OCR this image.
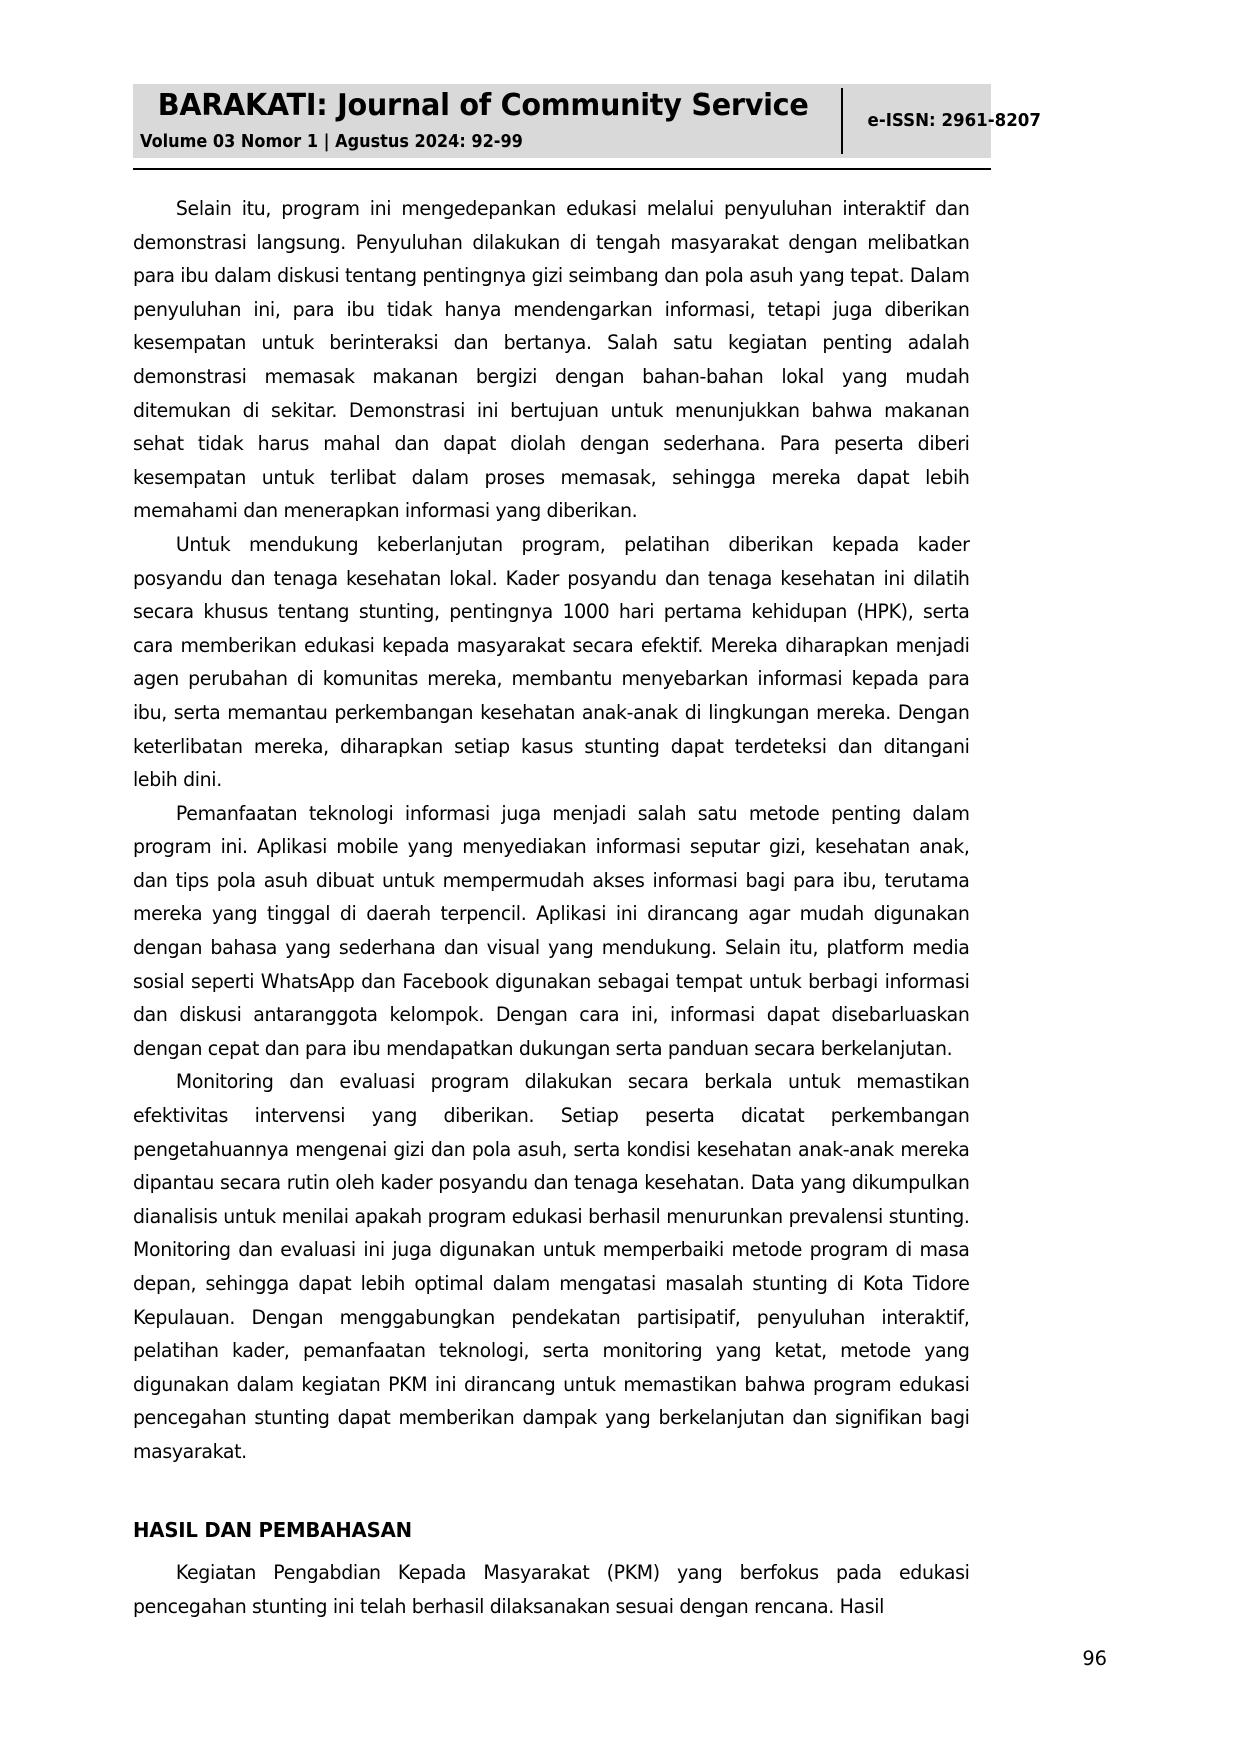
BARAKATI: Journal of Community Service
Volume 03 Nomor 1 | Agustus 2024: 92-99
e-ISSN: 2961-8207

Selain itu, program ini mengedepankan edukasi melalui penyuluhan interaktif dan demonstrasi langsung. Penyuluhan dilakukan di tengah masyarakat dengan melibatkan para ibu dalam diskusi tentang pentingnya gizi seimbang dan pola asuh yang tepat. Dalam penyuluhan ini, para ibu tidak hanya mendengarkan informasi, tetapi juga diberikan kesempatan untuk berinteraksi dan bertanya. Salah satu kegiatan penting adalah demonstrasi memasak makanan bergizi dengan bahan-bahan lokal yang mudah ditemukan di sekitar. Demonstrasi ini bertujuan untuk menunjukkan bahwa makanan sehat tidak harus mahal dan dapat diolah dengan sederhana. Para peserta diberi kesempatan untuk terlibat dalam proses memasak, sehingga mereka dapat lebih memahami dan menerapkan informasi yang diberikan.

Untuk mendukung keberlanjutan program, pelatihan diberikan kepada kader posyandu dan tenaga kesehatan lokal. Kader posyandu dan tenaga kesehatan ini dilatih secara khusus tentang stunting, pentingnya 1000 hari pertama kehidupan (HPK), serta cara memberikan edukasi kepada masyarakat secara efektif. Mereka diharapkan menjadi agen perubahan di komunitas mereka, membantu menyebarkan informasi kepada para ibu, serta memantau perkembangan kesehatan anak-anak di lingkungan mereka. Dengan keterlibatan mereka, diharapkan setiap kasus stunting dapat terdeteksi dan ditangani lebih dini.

Pemanfaatan teknologi informasi juga menjadi salah satu metode penting dalam program ini. Aplikasi mobile yang menyediakan informasi seputar gizi, kesehatan anak, dan tips pola asuh dibuat untuk mempermudah akses informasi bagi para ibu, terutama mereka yang tinggal di daerah terpencil. Aplikasi ini dirancang agar mudah digunakan dengan bahasa yang sederhana dan visual yang mendukung. Selain itu, platform media sosial seperti WhatsApp dan Facebook digunakan sebagai tempat untuk berbagi informasi dan diskusi antaranggota kelompok. Dengan cara ini, informasi dapat disebarluaskan dengan cepat dan para ibu mendapatkan dukungan serta panduan secara berkelanjutan.

Monitoring dan evaluasi program dilakukan secara berkala untuk memastikan efektivitas intervensi yang diberikan. Setiap peserta dicatat perkembangan pengetahuannya mengenai gizi dan pola asuh, serta kondisi kesehatan anak-anak mereka dipantau secara rutin oleh kader posyandu dan tenaga kesehatan. Data yang dikumpulkan dianalisis untuk menilai apakah program edukasi berhasil menurunkan prevalensi stunting. Monitoring dan evaluasi ini juga digunakan untuk memperbaiki metode program di masa depan, sehingga dapat lebih optimal dalam mengatasi masalah stunting di Kota Tidore Kepulauan. Dengan menggabungkan pendekatan partisipatif, penyuluhan interaktif, pelatihan kader, pemanfaatan teknologi, serta monitoring yang ketat, metode yang digunakan dalam kegiatan PKM ini dirancang untuk memastikan bahwa program edukasi pencegahan stunting dapat memberikan dampak yang berkelanjutan dan signifikan bagi masyarakat.

HASIL DAN PEMBAHASAN

Kegiatan Pengabdian Kepada Masyarakat (PKM) yang berfokus pada edukasi pencegahan stunting ini telah berhasil dilaksanakan sesuai dengan rencana. Hasil

96
